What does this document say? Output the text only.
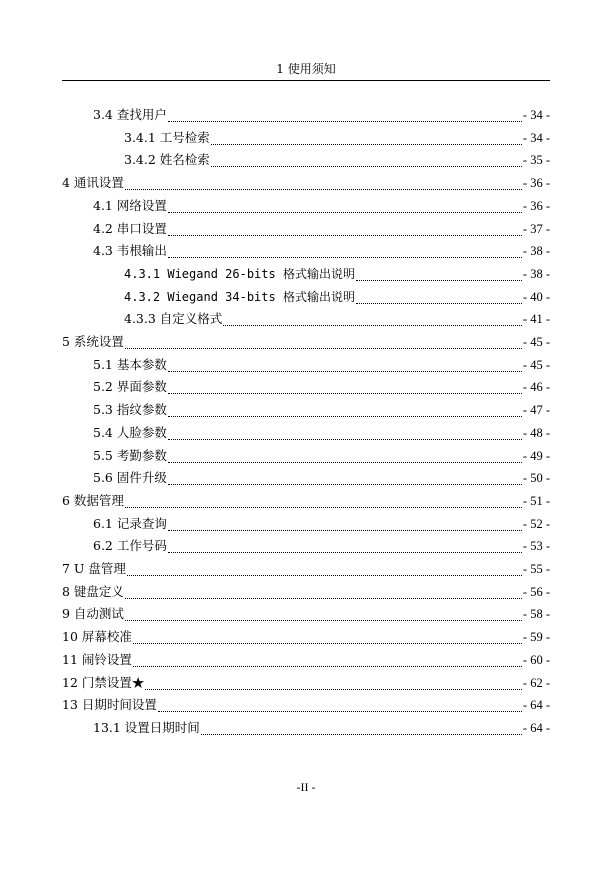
1 使用须知
3.4 查找用户	- 34 -
3.4.1 工号检索	- 34 -
3.4.2 姓名检索	- 35 -
4 通讯设置	- 36 -
4.1 网络设置	- 36 -
4.2 串口设置	- 37 -
4.3 韦根输出	- 38 -
4.3.1 Wiegand 26-bits 格式输出说明	- 38 -
4.3.2 Wiegand 34-bits 格式输出说明	- 40 -
4.3.3 自定义格式	- 41 -
5 系统设置	- 45 -
5.1 基本参数	- 45 -
5.2 界面参数	- 46 -
5.3 指纹参数	- 47 -
5.4 人脸参数	- 48 -
5.5 考勤参数	- 49 -
5.6 固件升级	- 50 -
6 数据管理	- 51 -
6.1 记录查询	- 52 -
6.2 工作号码	- 53 -
7 U 盘管理	- 55 -
8 键盘定义	- 56 -
9 自动测试	- 58 -
10 屏幕校准	- 59 -
11 闹铃设置	- 60 -
12 门禁设置★	- 62 -
13 日期时间设置	- 64 -
13.1 设置日期时间	- 64 -
-II -
